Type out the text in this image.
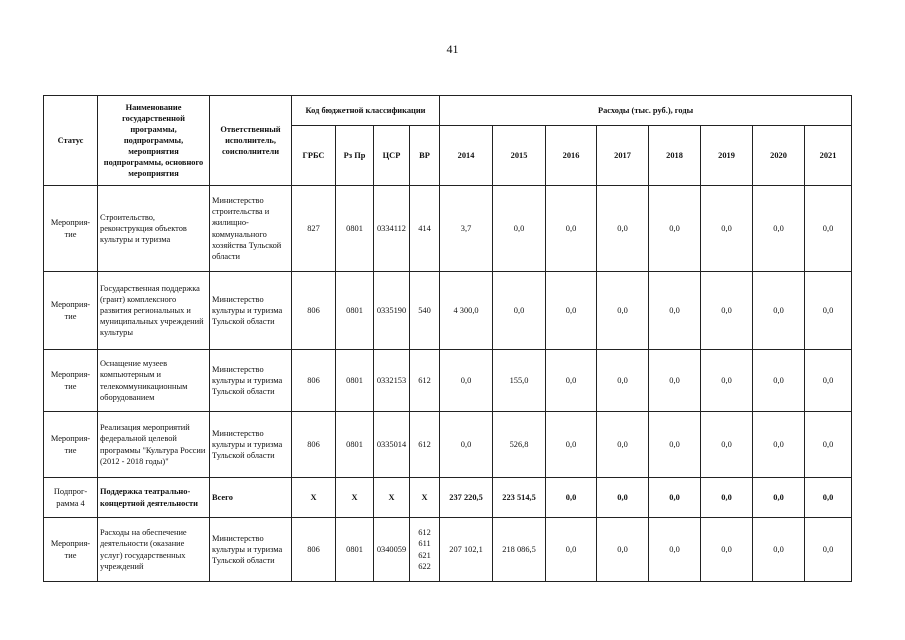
41
Статус	Наименование государственной программы, подпрограммы, мероприятия подпрограммы, основного мероприятия	Ответственный исполнитель, соисполнители	Код бюджетной классификации				Расходы (тыс. руб.), годы							
			ГРБС	Рз Пр	ЦСР	ВР	2014	2015	2016	2017	2018	2019	2020	2021
Мероприя-тие	Строительство, реконструкция объектов культуры и туризма	Министерство строительства и жилищно-коммунального хозяйства Тульской области	827	0801	0334112	414	3,7	0,0	0,0	0,0	0,0	0,0	0,0	0,0
Мероприя-тие	Государственная поддержка (грант) комплексного развития региональных и муниципальных учреждений культуры	Министерство культуры и туризма Тульской области	806	0801	0335190	540	4 300,0	0,0	0,0	0,0	0,0	0,0	0,0	0,0
Мероприя-тие	Оснащение музеев компьютерным и телекоммуникационным оборудованием	Министерство культуры и туризма Тульской области	806	0801	0332153	612	0,0	155,0	0,0	0,0	0,0	0,0	0,0	0,0
Мероприя-тие	Реализация мероприятий федеральной целевой программы "Культура России (2012 - 2018 годы)"	Министерство культуры и туризма Тульской области	806	0801	0335014	612	0,0	526,8	0,0	0,0	0,0	0,0	0,0	0,0
Подпрог-рамма 4	Поддержка театрально-концертной деятельности	Всего	Х	Х	Х	Х	237 220,5	223 514,5	0,0	0,0	0,0	0,0	0,0	0,0
Мероприя-тие	Расходы на обеспечение деятельности (оказание услуг) государственных учреждений	Министерство культуры и туризма Тульской области	806	0801	0340059	612
611
621
622	207 102,1	218 086,5	0,0	0,0	0,0	0,0	0,0	0,0
